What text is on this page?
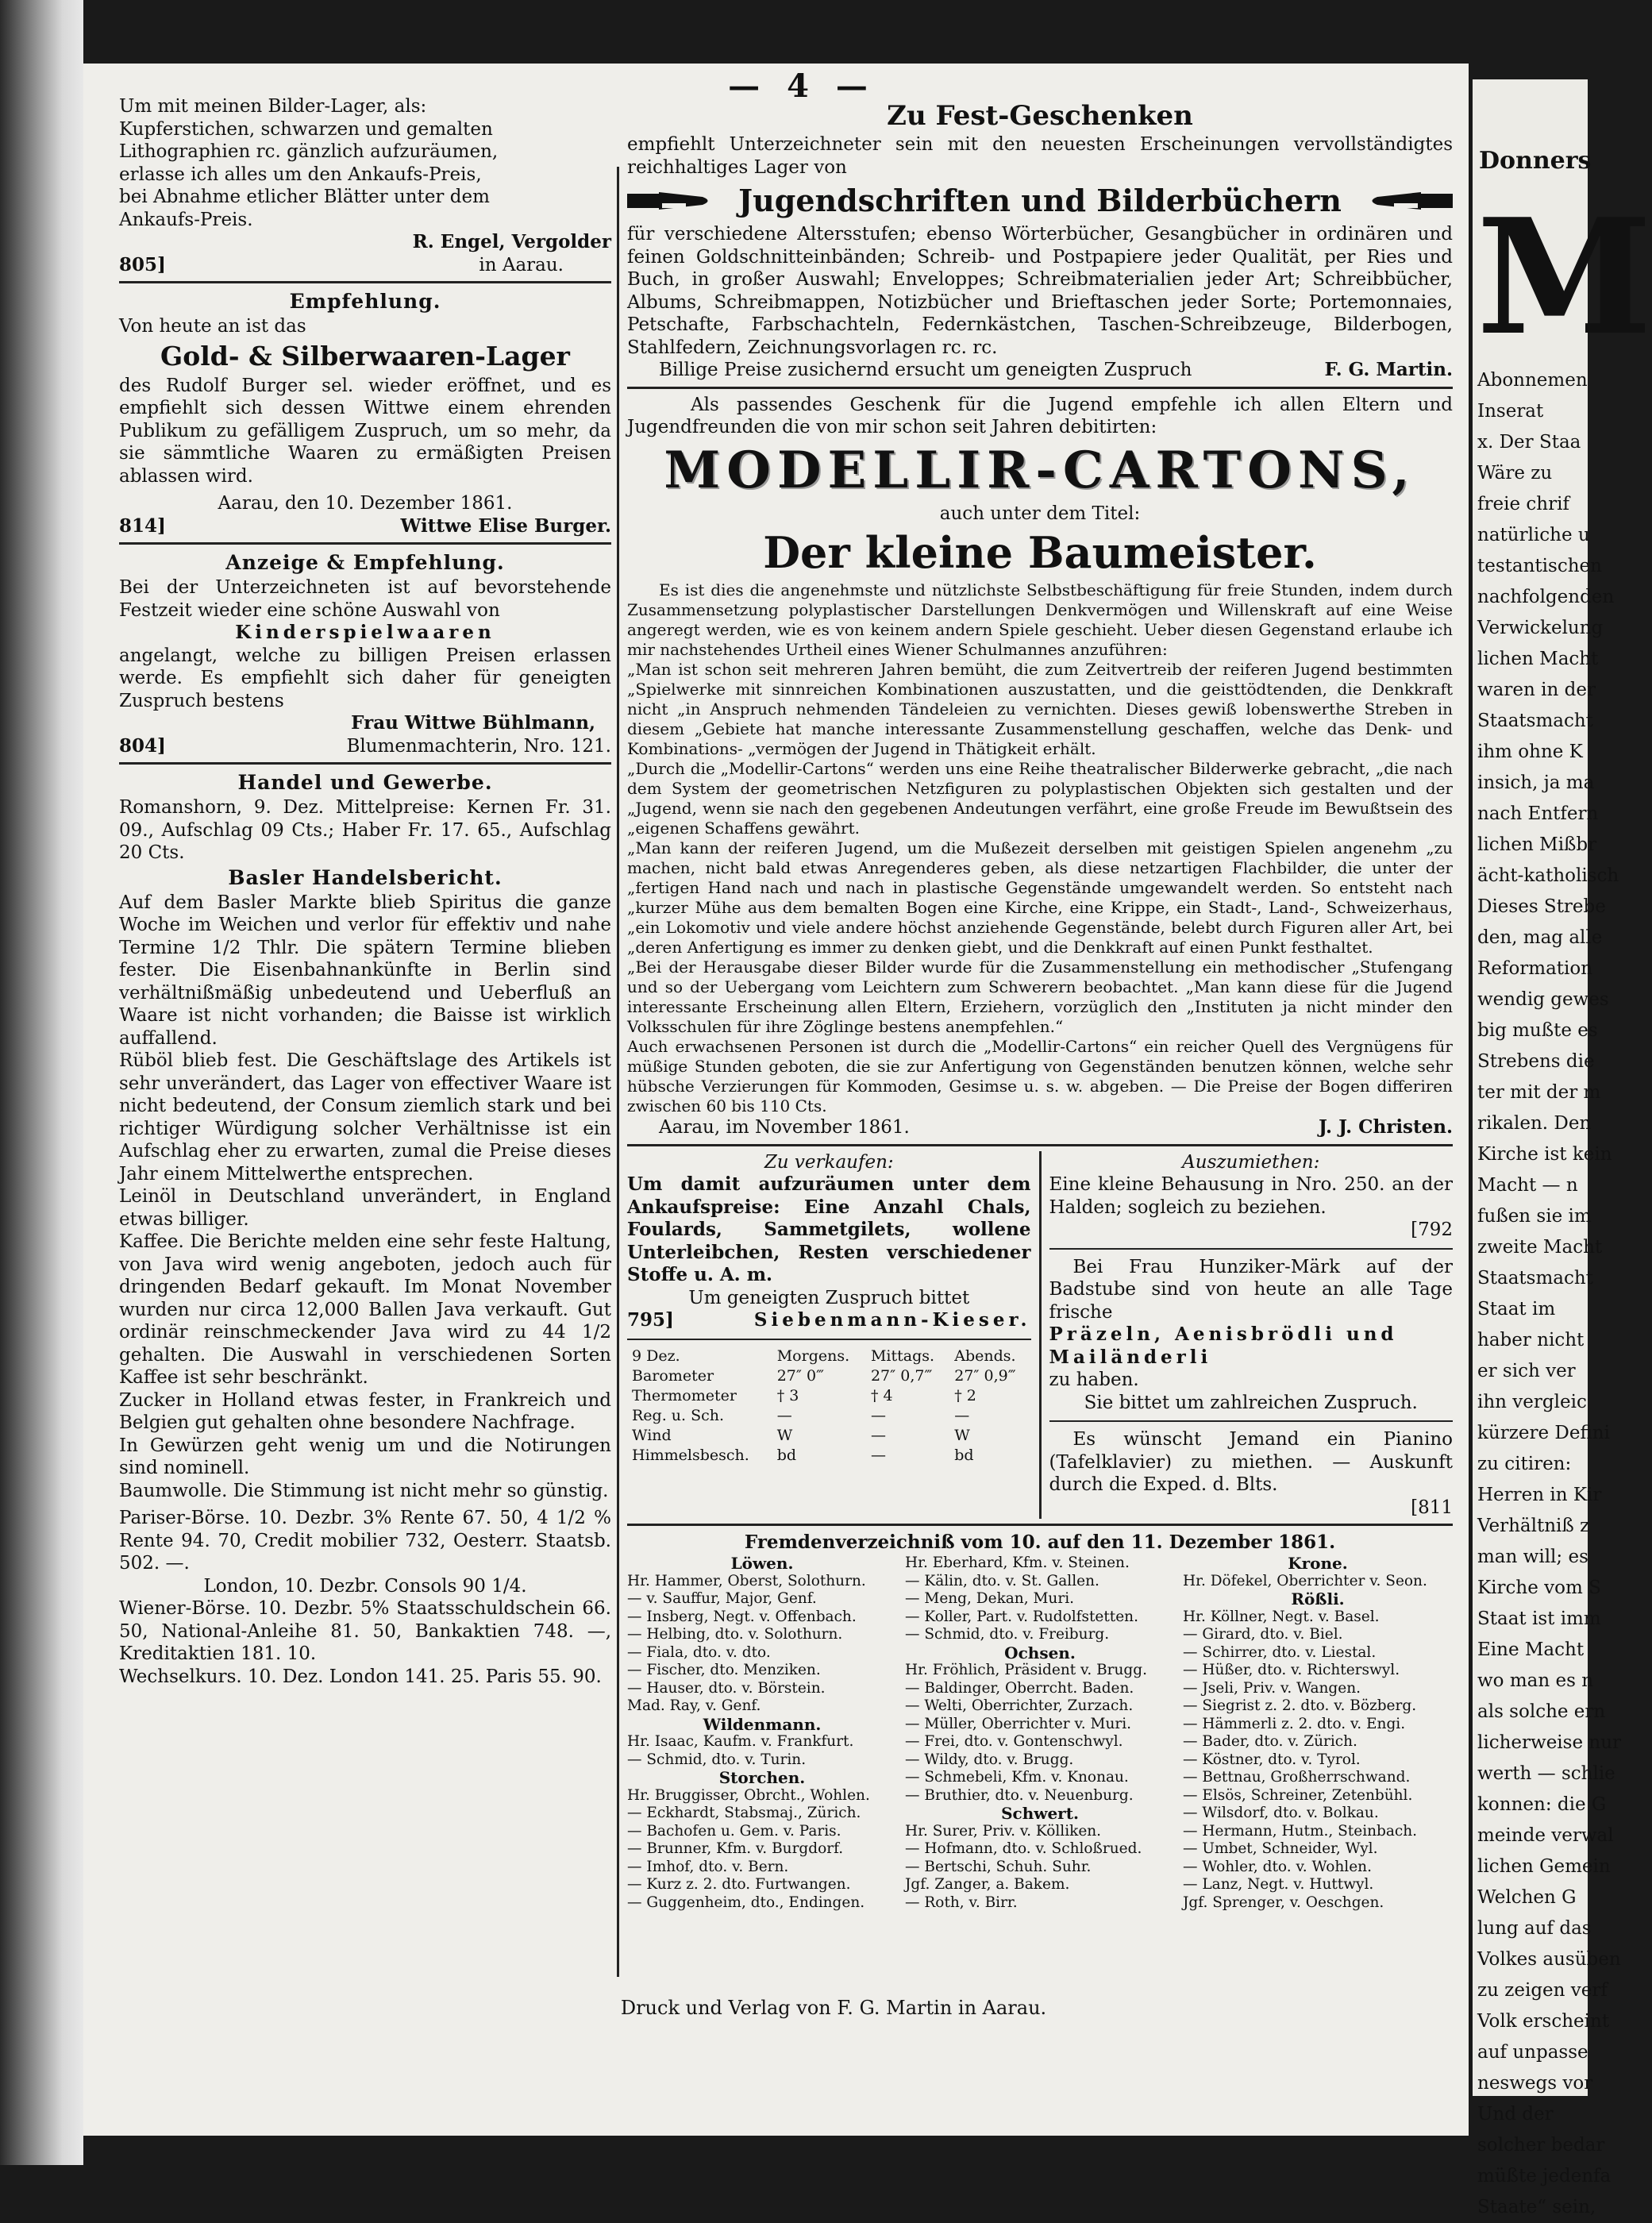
— 4 —

Um mit meinen Bilder-Lager, als:

Kupferstichen, schwarzen und gemalten

Lithographien rc. gänzlich aufzuräumen,

erlasse ich alles um den Ankaufs-Preis,

bei Abnahme etlicher Blätter unter dem

Ankaufs-Preis.

R. Engel, Vergolder

805]	in Aarau.

Empfehlung.

Von heute an ist das

Gold- & Silberwaaren-Lager

des Rudolf Burger sel. wieder eröffnet, und es empfiehlt sich dessen Wittwe einem ehrenden Publikum zu gefälligem Zuspruch, um so mehr, da sie sämmtliche Waaren zu ermäßigten Preisen ablassen wird.

Aarau, den 10. Dezember 1861.

814]	Wittwe Elise Burger.

Anzeige & Empfehlung.

Bei der Unterzeichneten ist auf bevorstehende Festzeit wieder eine schöne Auswahl von

Kinderspielwaaren

angelangt, welche zu billigen Preisen erlassen werde. Es empfiehlt sich daher für geneigten Zuspruch bestens

Frau Wittwe Bühlmann,

804]	Blumenmachterin, Nro. 121.

Handel und Gewerbe.

Romanshorn, 9. Dez. Mittelpreise: Kernen Fr. 31. 09., Aufschlag 09 Cts.; Haber Fr. 17. 65., Aufschlag 20 Cts.

Basler Handelsbericht.

Auf dem Basler Markte blieb Spiritus die ganze Woche im Weichen und verlor für effektiv und nahe Termine 1/2 Thlr. Die spätern Termine blieben fester. Die Eisenbahnankünfte in Berlin sind verhältnißmäßig unbedeutend und Ueberfluß an Waare ist nicht vorhanden; die Baisse ist wirklich auffallend.

Rüböl blieb fest. Die Geschäftslage des Artikels ist sehr unverändert, das Lager von effectiver Waare ist nicht bedeutend, der Consum ziemlich stark und bei richtiger Würdigung solcher Verhältnisse ist ein Aufschlag eher zu erwarten, zumal die Preise dieses Jahr einem Mittelwerthe entsprechen.

Leinöl in Deutschland unverändert, in England etwas billiger.

Kaffee. Die Berichte melden eine sehr feste Haltung, von Java wird wenig angeboten, jedoch auch für dringenden Bedarf gekauft. Im Monat November wurden nur circa 12,000 Ballen Java verkauft. Gut ordinär reinschmeckender Java wird zu 44 1/2 gehalten. Die Auswahl in verschiedenen Sorten Kaffee ist sehr beschränkt.

Zucker in Holland etwas fester, in Frankreich und Belgien gut gehalten ohne besondere Nachfrage.

In Gewürzen geht wenig um und die Notirungen sind nominell.

Baumwolle. Die Stimmung ist nicht mehr so günstig.

Pariser-Börse. 10. Dezbr. 3% Rente 67. 50, 4 1/2 % Rente 94. 70, Credit mobilier 732, Oesterr. Staatsb. 502. —.

London, 10. Dezbr. Consols 90 1/4.

Wiener-Börse. 10. Dezbr. 5% Staatsschuldschein 66. 50, National-Anleihe 81. 50, Bankaktien 748. —, Kreditaktien 181. 10.

Wechselkurs. 10. Dez. London 141. 25. Paris 55. 90.

Zu Fest-Geschenken

empfiehlt Unterzeichneter sein mit den neuesten Erscheinungen vervollständigtes reichhaltiges Lager von

Jugendschriften und Bilderbüchern

für verschiedene Altersstufen; ebenso Wörterbücher, Gesangbücher in ordinären und feinen Goldschnitteinbänden; Schreib- und Postpapiere jeder Qualität, per Ries und Buch, in großer Auswahl; Enveloppes; Schreibmaterialien jeder Art; Schreibbücher, Albums, Schreibmappen, Notizbücher und Brieftaschen jeder Sorte; Portemonnaies, Petschafte, Farbschachteln, Federnkästchen, Taschen-Schreibzeuge, Bilderbogen, Stahlfedern, Zeichnungsvorlagen rc. rc.

Billige Preise zusichernd ersucht um geneigten Zuspruch	F. G. Martin.

Als passendes Geschenk für die Jugend empfehle ich allen Eltern und Jugendfreunden die von mir schon seit Jahren debitirten:

MODELLIR-CARTONS,

auch unter dem Titel:

Der kleine Baumeister.

Es ist dies die angenehmste und nützlichste Selbstbeschäftigung für freie Stunden, indem durch Zusammensetzung polyplastischer Darstellungen Denkvermögen und Willenskraft auf eine Weise angeregt werden, wie es von keinem andern Spiele geschieht. Ueber diesen Gegenstand erlaube ich mir nachstehendes Urtheil eines Wiener Schulmannes anzuführen:

„Man ist schon seit mehreren Jahren bemüht, die zum Zeitvertreib der reiferen Jugend bestimmten „Spielwerke mit sinnreichen Kombinationen auszustatten, und die geisttödtenden, die Denkkraft nicht „in Anspruch nehmenden Tändeleien zu vernichten. Dieses gewiß lobenswerthe Streben in diesem „Gebiete hat manche interessante Zusammenstellung geschaffen, welche das Denk- und Kombinations- „vermögen der Jugend in Thätigkeit erhält.

„Durch die „Modellir-Cartons“ werden uns eine Reihe theatralischer Bilderwerke gebracht, „die nach dem System der geometrischen Netzfiguren zu polyplastischen Objekten sich gestalten und der „Jugend, wenn sie nach den gegebenen Andeutungen verfährt, eine große Freude im Bewußtsein des „eigenen Schaffens gewährt.

„Man kann der reiferen Jugend, um die Mußezeit derselben mit geistigen Spielen angenehm „zu machen, nicht bald etwas Anregenderes geben, als diese netzartigen Flachbilder, die unter der „fertigen Hand nach und nach in plastische Gegenstände umgewandelt werden. So entsteht nach „kurzer Mühe aus dem bemalten Bogen eine Kirche, eine Krippe, ein Stadt-, Land-, Schweizerhaus, „ein Lokomotiv und viele andere höchst anziehende Gegenstände, belebt durch Figuren aller Art, bei „deren Anfertigung es immer zu denken giebt, und die Denkkraft auf einen Punkt festhaltet.

„Bei der Herausgabe dieser Bilder wurde für die Zusammenstellung ein methodischer „Stufengang und so der Uebergang vom Leichtern zum Schwerern beobachtet. „Man kann diese für die Jugend interessante Erscheinung allen Eltern, Erziehern, vorzüglich den „Instituten ja nicht minder den Volksschulen für ihre Zöglinge bestens anempfehlen.“

Auch erwachsenen Personen ist durch die „Modellir-Cartons“ ein reicher Quell des Vergnügens für müßige Stunden geboten, die sie zur Anfertigung von Gegenständen benutzen können, welche sehr hübsche Verzierungen für Kommoden, Gesimse u. s. w. abgeben. — Die Preise der Bogen differiren zwischen 60 bis 110 Cts.

Aarau, im November 1861.	J. J. Christen.

Zu verkaufen:

Um damit aufzuräumen unter dem Ankaufspreise: Eine Anzahl Chals, Foulards, Sammetgilets, wollene Unterleibchen, Resten verschiedener Stoffe u. A. m.

Um geneigten Zuspruch bittet

795]	Siebenmann-Kieser.
9 Dez.	Morgens.	Mittags.	Abends.
Barometer	27″ 0‴	27″ 0,7‴	27″ 0,9‴
Thermometer	† 3	† 4	† 2
Reg. u. Sch.	—	—	—
Wind	W	—	W
Himmelsbesch.	bd	—	bd

Auszumiethen:

Eine kleine Behausung in Nro. 250. an der Halden; sogleich zu beziehen.

[792

Bei Frau Hunziker-Märk auf der Badstube sind von heute an alle Tage frische

Präzeln, Aenisbrödli und Mailänderli

zu haben.

Sie bittet um zahlreichen Zuspruch.

Es wünscht Jemand ein Pianino (Tafelklavier) zu miethen. — Auskunft durch die Exped. d. Blts.

[811

Fremdenverzeichniß vom 10. auf den 11. Dezember 1861.

Löwen.
Hr. Hammer, Oberst, Solothurn.
— v. Sauffur, Major, Genf.
— Insberg, Negt. v. Offenbach.
— Helbing, dto. v. Solothurn.
— Fiala, dto. v. dto.
— Fischer, dto. Menziken.
— Hauser, dto. v. Börstein.
Mad. Ray, v. Genf.
Wildenmann.
Hr. Isaac, Kaufm. v. Frankfurt.
— Schmid, dto. v. Turin.
Storchen.
Hr. Bruggisser, Obrcht., Wohlen.
— Eckhardt, Stabsmaj., Zürich.
— Bachofen u. Gem. v. Paris.
— Brunner, Kfm. v. Burgdorf.
— Imhof, dto. v. Bern.
— Kurz z. 2. dto. Furtwangen.
— Guggenheim, dto., Endingen.
Hr. Eberhard, Kfm. v. Steinen.
— Kälin, dto. v. St. Gallen.
— Meng, Dekan, Muri.
— Koller, Part. v. Rudolfstetten.
— Schmid, dto. v. Freiburg.
Ochsen.
Hr. Fröhlich, Präsident v. Brugg.
— Baldinger, Oberrcht. Baden.
— Welti, Oberrichter, Zurzach.
— Müller, Oberrichter v. Muri.
— Frei, dto. v. Gontenschwyl.
— Wildy, dto. v. Brugg.
— Schmebeli, Kfm. v. Knonau.
— Bruthier, dto. v. Neuenburg.
Schwert.
Hr. Surer, Priv. v. Kölliken.
— Hofmann, dto. v. Schloßrued.
— Bertschi, Schuh. Suhr.
Jgf. Zanger, a. Bakem.
— Roth, v. Birr.
Krone.
Hr. Döfekel, Oberrichter v. Seon.
Rößli.
Hr. Köllner, Negt. v. Basel.
— Girard, dto. v. Biel.
— Schirrer, dto. v. Liestal.
— Hüßer, dto. v. Richterswyl.
— Jseli, Priv. v. Wangen.
— Siegrist z. 2. dto. v. Bözberg.
— Hämmerli z. 2. dto. v. Engi.
— Bader, dto. v. Zürich.
— Köstner, dto. v. Tyrol.
— Bettnau, Großherrschwand.
— Elsös, Schreiner, Zetenbühl.
— Wilsdorf, dto. v. Bolkau.
— Hermann, Hutm., Steinbach.
— Umbet, Schneider, Wyl.
— Wohler, dto. v. Wohlen.
— Lanz, Negt. v. Huttwyl.
Jgf. Sprenger, v. Oeschgen.
Druck und Verlag von F. G. Martin in Aarau.
Donners
M
Abonnemen
Inserat
x. Der Staa
Wäre zu
freie chrif
natürliche u
testantischen
nachfolgenden
Verwickelung
lichen Macht
waren in der
Staatsmacht
ihm ohne K
insich, ja ma
nach Entfern
lichen Mißbr
ächt-katholisch
Dieses Strebe
den, mag alle
Reformation
wendig gewes
big mußte es
Strebens die
ter mit der m
rikalen. Den
Kirche ist kein
Macht — n
fußen sie im
zweite Macht
Staatsmacht
Staat im
haber nicht
er sich ver
ihn vergleic
kürzere Defini
zu citiren:
Herren in Kir
Verhältniß z
man will; es
Kirche vom S
Staat ist imm
Eine Macht
wo man es n
als solche ern
licherweise nur
werth — schlie
konnen: die G
meinde verwal
lichen Gemein
Welchen G
lung auf das
Volkes ausüben
zu zeigen verf
Volk erscheint
auf unpasse
neswegs vor
Und der
solcher bedar
müßte jedenfa
Staate“ sein,
